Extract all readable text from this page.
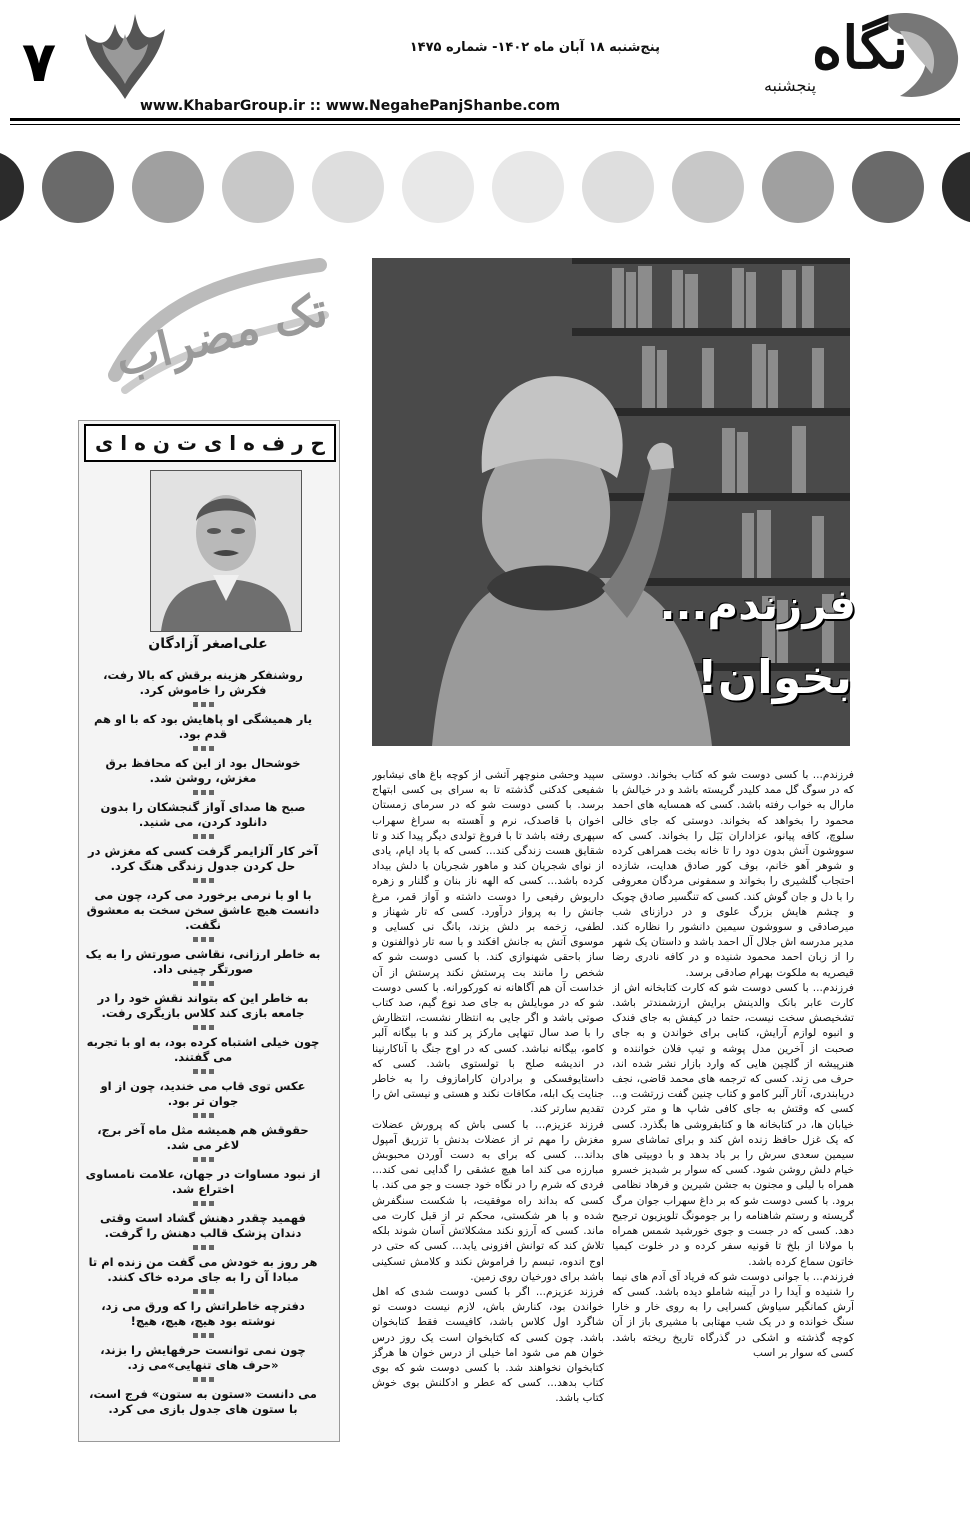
۷	پنج‌شنبه ۱۸ آبان ماه ۱۴۰۲- شماره ۱۴۷۵
www.KhabarGroup.ir :: www.NegahePanjShanbe.com
نگاه
پنجشنبه
تک مضراب
ح ر ف ه ا ی ت ن ه ا ی
علی‌اصغر آزادگان
روشنفکر هزینه برقش که بالا رفت، فکرش را خاموش کرد.
یار همیشگی او پاهایش بود که با او هم قدم بود.
خوشحال بود از این که محافظ برق مغزش، روشن شد.
صبح ها صدای آواز گنجشکان را بدون دانلود کردن، می شنید.
آخر کار آلزایمر گرفت کسی که مغزش در حل کردن جدول زندگی هنگ کرد.
با او با نرمی برخورد می کرد، چون می دانست هیچ عاشق سخن سخت به معشوق نگفت.
به خاطر ارزانی، نقاشی صورتش را به یک صورتگر چینی داد.
به خاطر این که بتواند نقش خود را در جامعه بازی کند کلاس بازیگری رفت.
چون خیلی اشتباه کرده بود، به او با تجربه می گفتند.
عکس توی قاب می خندید، چون از او جوان تر بود.
حقوقش هم همیشه مثل ماه آخر برج، لاغر می شد.
از نبود مساوات در جهان، علامت نامساوی اختراع شد.
فهمید چقدر دهنش گشاد است وقتی دندان پزشک قالب دهنش را گرفت.
هر روز به خودش می گفت من زنده ام تا مبادا آن را به جای مرده خاک کنند.
دفترچه خاطراتش را که ورق می زد، نوشته بود هیچ، هیچ، هیچ!
چون نمی توانست حرفهایش را بزند، «حرف های تنهایی»می زد.
می دانست «ستون به ستون» فرج است، با ستون های جدول بازی می کرد.
فرزندم...
بخوان!

فرزندم... با کسی دوست شو که کتاب بخواند. دوستی که در سوگ گل ممد کلیدر گریسته باشد و در خیالش با مارال به خواب رفته باشد. کسی که همسایه های احمد محمود را بخواهد که بخواند. دوستی که جای خالی سلوچ، کافه پیانو، عزاداران بَیَل را بخواند. کسی که سووشون آتش بدون دود را تا خانه بخت همراهی کرده و شوهر آهو خانم، بوف کور صادق هدایت، شازده احتجاب گلشیری را بخواند و سمفونی مردگان معروفی را با دل و جان گوش کند. کسی که تنگسیر صادق چوبک و چشم هایش بزرگ علوی و در درازنای شب میرصادقی و سووشون سیمین دانشور را نظاره کند. مدیر مدرسه اش جلال آل احمد باشد و داستان یک شهر را از زبان احمد محمود شنیده و در کافه نادری رضا قیصریه به ملکوت بهرام صادقی برسد.

فرزندم... با کسی دوست شو که کارت کتابخانه اش از کارت عابر بانک والدینش برایش ارزشمندتر باشد. تشخیصش سخت نیست، حتما در کیفش به جای فندک و انبوه لوازم آرایش، کتابی برای خواندن و به جای صحبت از آخرین مدل پوشه و تیپ فلان خواننده و هنرپیشه از گلچین هایی که وارد بازار نشر شده اند، حرف می زند. کسی که ترجمه های محمد قاضی، نجف دریابندری، آثار آلبر کامو و کتاب چنین گفت زرتشت و... کسی که وقتش به جای کافی شاپ ها و متر کردن خیابان ها، در کتابخانه ها و کتابفروشی ها بگذرد. کسی که یک غزل حافظ زنده اش کند و برای تماشای سرو سیمین سعدی سرش را بر باد بدهد و با دوبیتی های خیام دلش روشن شود. کسی که سوار بر شبدیز خسرو همراه با لیلی و مجنون به جشن شیرین و فرهاد نظامی برود. با کسی دوست شو که بر داغ سهراب جوان مرگ گریسته و رستم شاهنامه را بر جومونگ تلویزیون ترجیح دهد. کسی که در جست و جوی خورشید شمس همراه با مولانا از بلخ تا قونیه سفر کرده و در خلوت کیمیا خاتون سماع کرده باشد.

فرزندم... با جوانی دوست شو که فریاد آی آدم های نیما را شنیده و آیدا را در آیینه شاملو دیده باشد. کسی که آرش کمانگیر سیاوش کسرایی را به روی خار و خارا سنگ خوانده و در یک شب مهتابی با مشیری باز از آن کوچه گذشته و اشکی در گذرگاه تاریخ ریخته باشد. کسی که سوار بر اسب

سپید وحشی منوچهر آتشی از کوچه باغ های نیشابور شفیعی کدکنی گذشته تا به سرای بی کسی ابتهاج برسد. با کسی دوست شو که در سرمای زمستان اخوان با قاصدک، نرم و آهسته به سراغ سهراب سپهری رفته باشد تا با فروغ تولدی دیگر پیدا کند و تا شقایق هست زندگی کند... کسی که با یاد ایام، یادی از نوای شجریان کند و ماهور شجریان با دلش بیداد کرده باشد... کسی که الهه ناز بنان و گلنار و زهره داریوش رفیعی را دوست داشته و آواز قمر، مرغ جانش را به پرواز درآورد. کسی که تار شهناز و لطفی، زخمه بر دلش بزند، بانگ نی کسایی و موسوی آتش به جانش افکند و با سه تار ذوالفنون و ساز باحقی شهنوازی کند. با کسی دوست شو که شخص را مانند بت پرستش نکند پرستش از آن خداست آن هم آگاهانه نه کورکورانه. با کسی دوست شو که در موبایلش به جای صد نوع گیم، صد کتاب صوتی باشد و اگر جایی به انتظار نشست، انتظارش را با صد سال تنهایی مارکز پر کند و با بیگانه آلبر کامو، بیگانه نباشد. کسی که در اوج جنگ با آناکارنینا در اندیشه صلح با تولستوی باشد. کسی که داستایوفسکی و برادران کارامازوف را به خاطر جنایت یک ابله، مکافات نکند و هستی و نیستی اش را تقدیم سارتر کند.

فرزند عزیزم... با کسی باش که پرورش عضلات مغزش را مهم تر از عضلات بدنش با تزریق آمپول بداند... کسی که برای به دست آوردن محبوبش مبارزه می کند اما هیچ عشقی را گدایی نمی کند... فردی که شرم را در نگاه خود جست و جو می کند. با کسی که بداند راه موفقیت، با شکست سنگفرش شده و با هر شکستی، محکم تر از قبل کارت می ماند. کسی که آرزو نکند مشکلاتش آسان شوند بلکه تلاش کند که توانش افزونی یابد... کسی که حتی در اوج اندوه، تبسم را فراموش نکند و کلامش تسکینی باشد برای دورخیان روی زمین.

فرزند عزیزم... اگر با کسی دوست شدی که اهل خواندن بود، کنارش باش، لازم نیست دوست تو شاگرد اول کلاس باشد، کافیست فقط کتابخوان باشد. چون کسی که کتابخوان است یک روز درس خوان هم می شود اما خیلی از درس خوان ها هرگز کتابخوان نخواهند شد. با کسی دوست شو که بوی کتاب بدهد... کسی که عطر و ادکلنش بوی خوش کتاب باشد.
